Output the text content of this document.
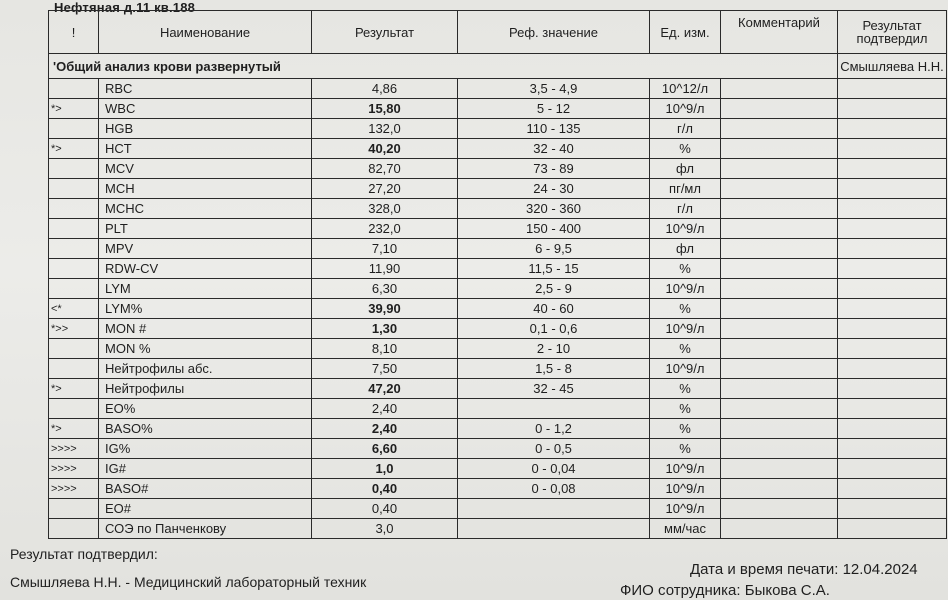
Нефтяная д.11 кв.188
!	Наименование	Результат	Реф. значение	Ед. изм.	Комментарий	Результат подтвердил
'Общий анализ крови развернутый						Смышляева Н.Н.
	RBC	4,86	3,5 - 4,9	10^12/л		
*>	WBC	15,80	5 - 12	10^9/л		
	HGB	132,0	110 - 135	г/л		
*>	HCT	40,20	32 - 40	%		
	MCV	82,70	73 - 89	фл		
	MCH	27,20	24 - 30	пг/мл		
	MCHC	328,0	320 - 360	г/л		
	PLT	232,0	150 - 400	10^9/л		
	MPV	7,10	6 - 9,5	фл		
	RDW-CV	11,90	11,5 - 15	%		
	LYM	6,30	2,5 - 9	10^9/л		
<*	LYM%	39,90	40 - 60	%		
*>>	MON #	1,30	0,1 - 0,6	10^9/л		
	MON %	8,10	2 - 10	%		
	Нейтрофилы абс.	7,50	1,5 - 8	10^9/л		
*>	Нейтрофилы	47,20	32 - 45	%		
	EO%	2,40		%		
*>	BASO%	2,40	0 - 1,2	%		
>>>>	IG%	6,60	0 - 0,5	%		
>>>>	IG#	1,0	0 - 0,04	10^9/л		
>>>>	BASO#	0,40	0 - 0,08	10^9/л		
	EO#	0,40		10^9/л		
	СОЭ по Панченкову	3,0		мм/час		
Результат подтвердил:
Смышляева Н.Н. - Медицинский лабораторный техник
Дата и время печати: 12.04.2024
ФИО сотрудника: Быкова С.А.
